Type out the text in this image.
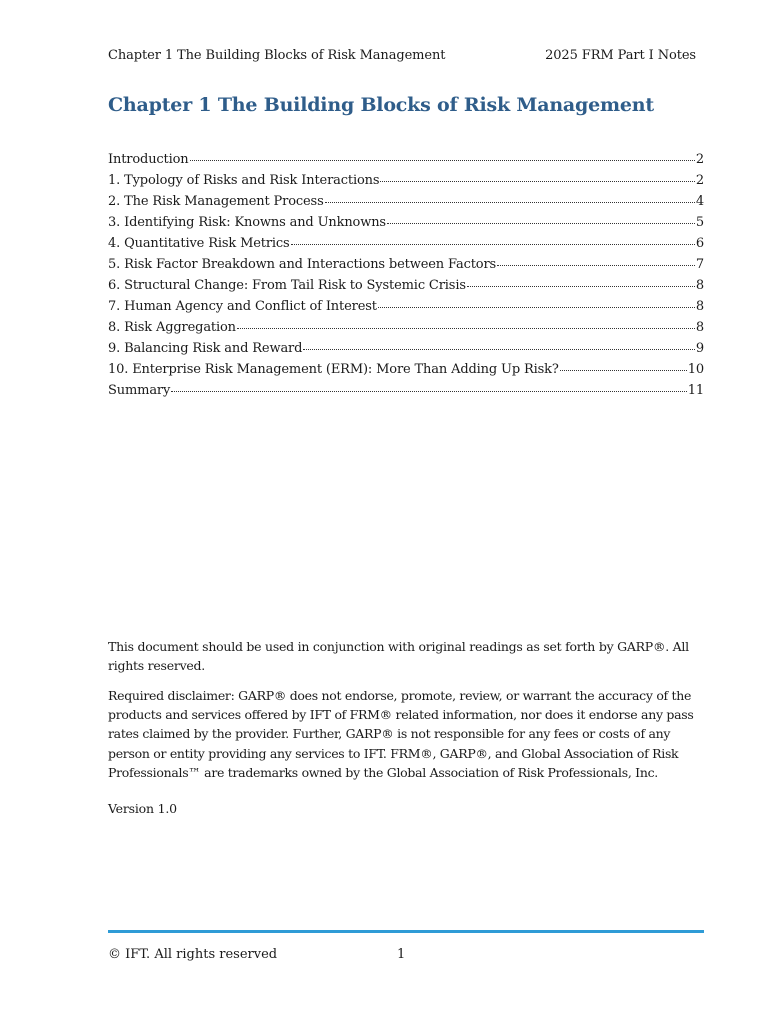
Chapter 1 The Building Blocks of Risk Management	2025 FRM Part I Notes
Chapter 1 The Building Blocks of Risk Management
Introduction	2
1. Typology of Risks and Risk Interactions	2
2. The Risk Management Process	4
3. Identifying Risk: Knowns and Unknowns	5
4. Quantitative Risk Metrics	6
5. Risk Factor Breakdown and Interactions between Factors	7
6. Structural Change: From Tail Risk to Systemic Crisis	8
7. Human Agency and Conflict of Interest	8
8. Risk Aggregation	8
9. Balancing Risk and Reward	9
10. Enterprise Risk Management (ERM): More Than Adding Up Risk?	10
Summary	11
This document should be used in conjunction with original readings as set forth by GARP®. All rights reserved.
Required disclaimer: GARP® does not endorse, promote, review, or warrant the accuracy of the products and services offered by IFT of FRM® related information, nor does it endorse any pass rates claimed by the provider. Further, GARP® is not responsible for any fees or costs of any person or entity providing any services to IFT. FRM®, GARP®, and Global Association of Risk Professionals™ are trademarks owned by the Global Association of Risk Professionals, Inc.
Version 1.0
© IFT. All rights reserved	1
